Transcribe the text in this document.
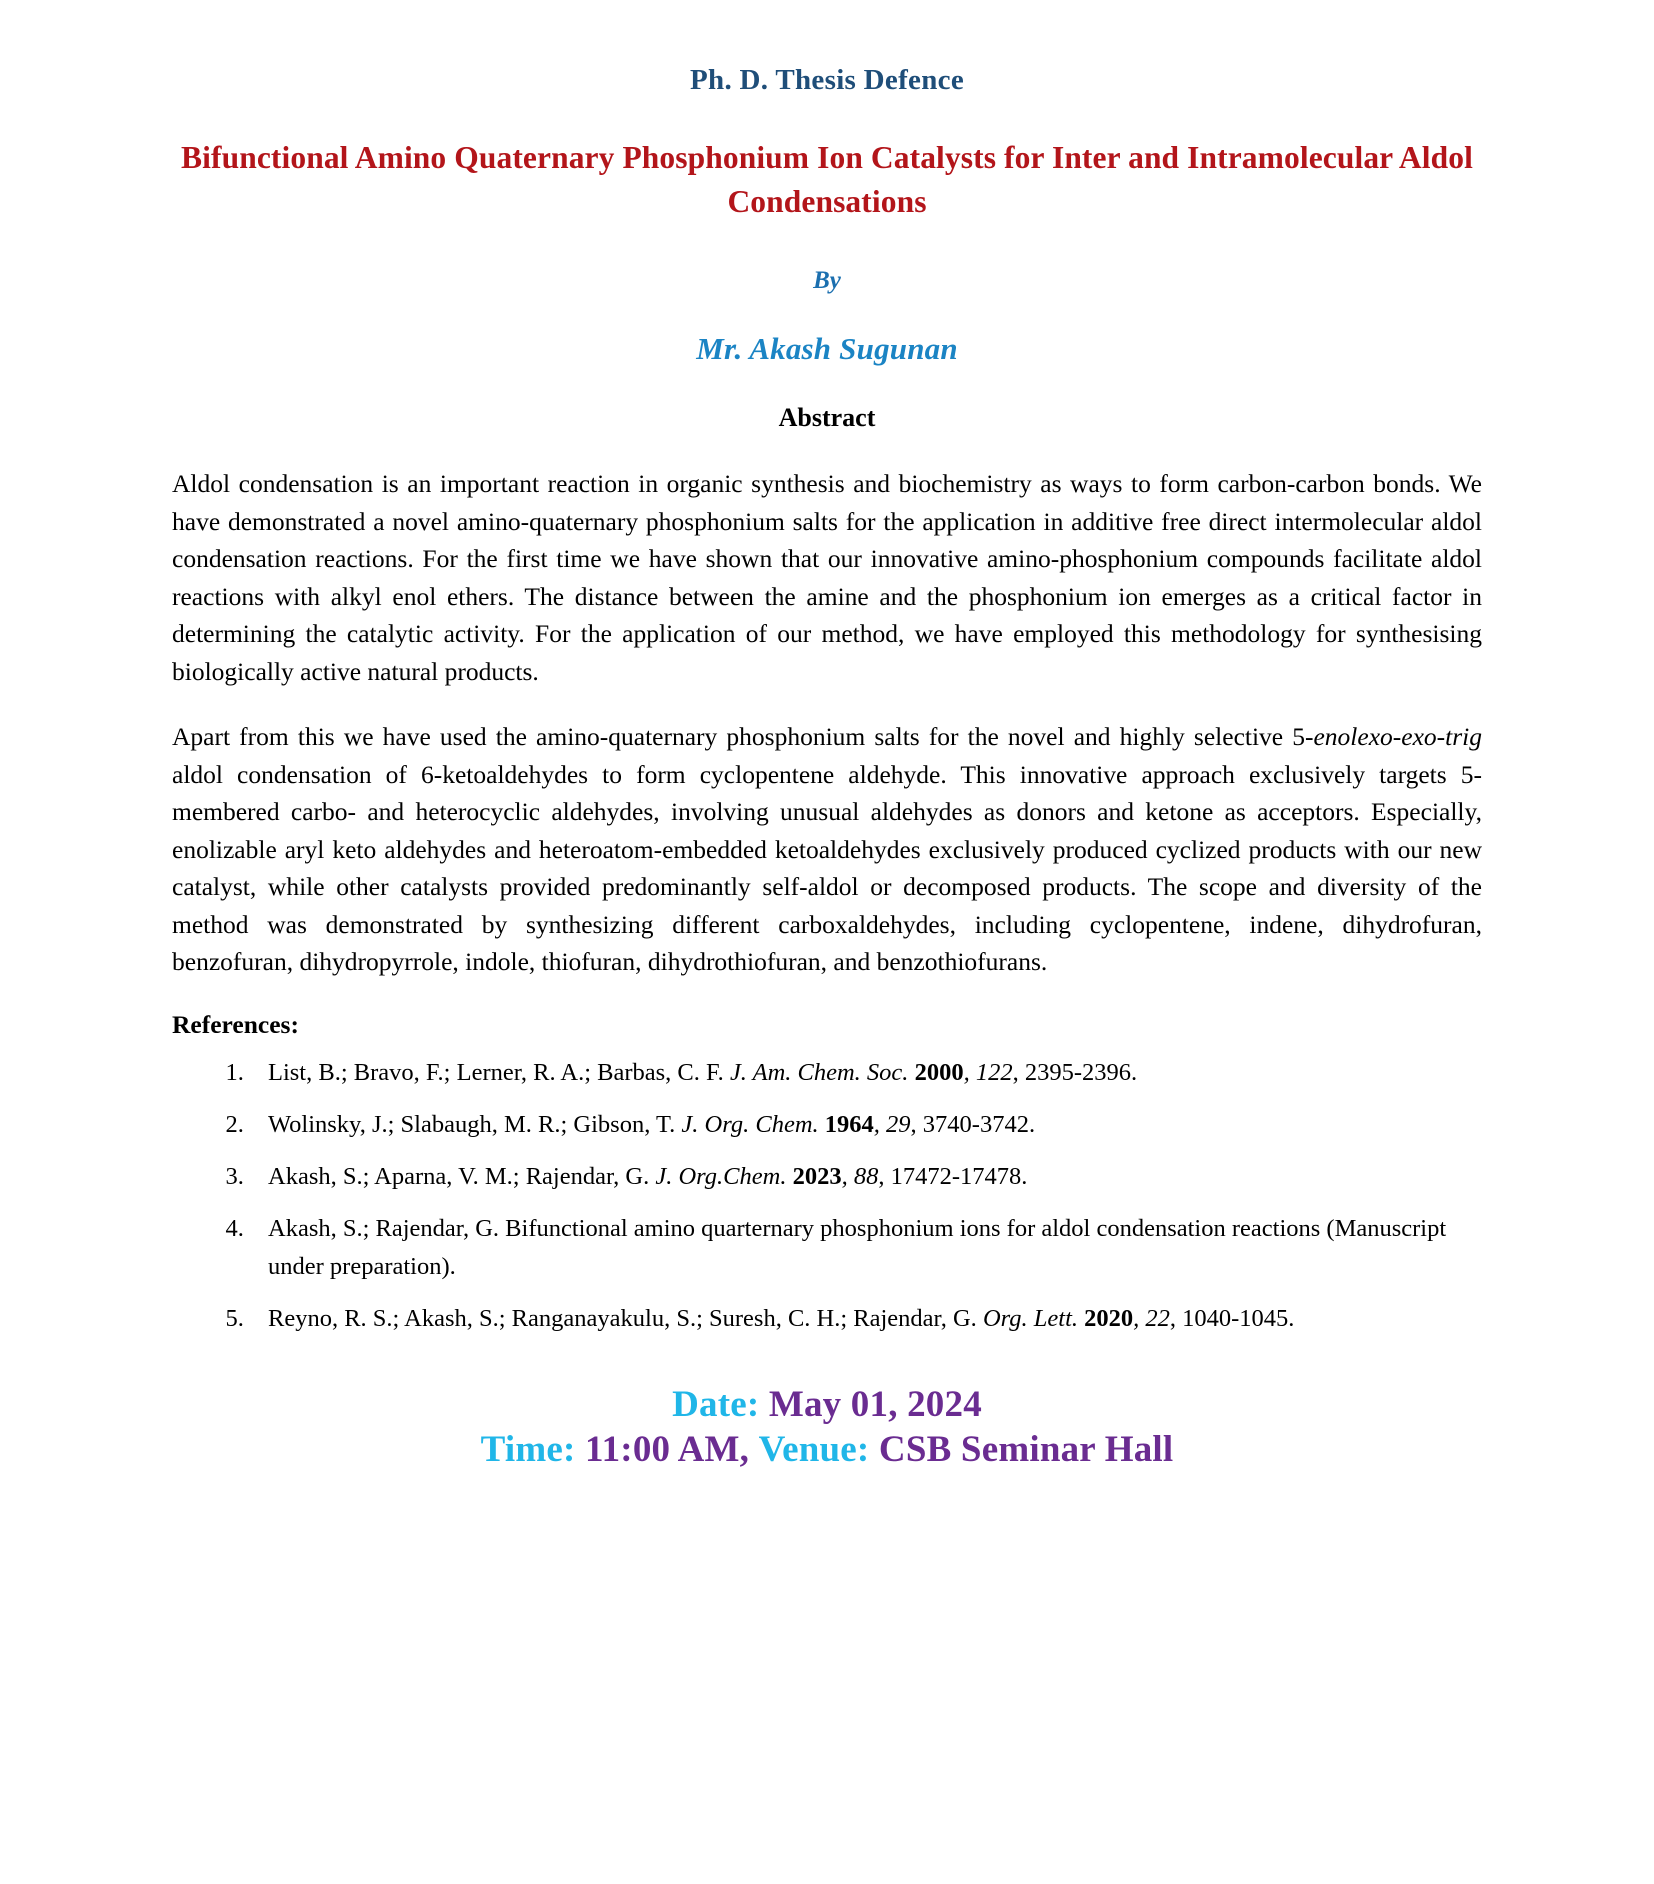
Ph. D. Thesis Defence
Bifunctional Amino Quaternary Phosphonium Ion Catalysts for Inter and Intramolecular Aldol Condensations
By
Mr. Akash Sugunan
Abstract

Aldol condensation is an important reaction in organic synthesis and biochemistry as ways to form carbon-carbon bonds. We have demonstrated a novel amino-quaternary phosphonium salts for the application in additive free direct intermolecular aldol condensation reactions. For the first time we have shown that our innovative amino-phosphonium compounds facilitate aldol reactions with alkyl enol ethers. The distance between the amine and the phosphonium ion emerges as a critical factor in determining the catalytic activity. For the application of our method, we have employed this methodology for synthesising biologically active natural products.

Apart from this we have used the amino-quaternary phosphonium salts for the novel and highly selective 5-enolexo-exo-trig aldol condensation of 6-ketoaldehydes to form cyclopentene aldehyde. This innovative approach exclusively targets 5-membered carbo- and heterocyclic aldehydes, involving unusual aldehydes as donors and ketone as acceptors. Especially, enolizable aryl keto aldehydes and heteroatom-embedded ketoaldehydes exclusively produced cyclized products with our new catalyst, while other catalysts provided predominantly self-aldol or decomposed products. The scope and diversity of the method was demonstrated by synthesizing different carboxaldehydes, including cyclopentene, indene, dihydrofuran, benzofuran, dihydropyrrole, indole, thiofuran, dihydrothiofuran, and benzothiofurans.

References:
1. List, B.; Bravo, F.; Lerner, R. A.; Barbas, C. F. J. Am. Chem. Soc. 2000, 122, 2395-2396.
2. Wolinsky, J.; Slabaugh, M. R.; Gibson, T. J. Org. Chem. 1964, 29, 3740-3742.
3. Akash, S.; Aparna, V. M.; Rajendar, G. J. Org.Chem. 2023, 88, 17472-17478.
4. Akash, S.; Rajendar, G. Bifunctional amino quarternary phosphonium ions for aldol condensation reactions (Manuscript under preparation).
5. Reyno, R. S.; Akash, S.; Ranganayakulu, S.; Suresh, C. H.; Rajendar, G. Org. Lett. 2020, 22, 1040-1045.
Date: May 01, 2024
Time: 11:00 AM, Venue: CSB Seminar Hall
